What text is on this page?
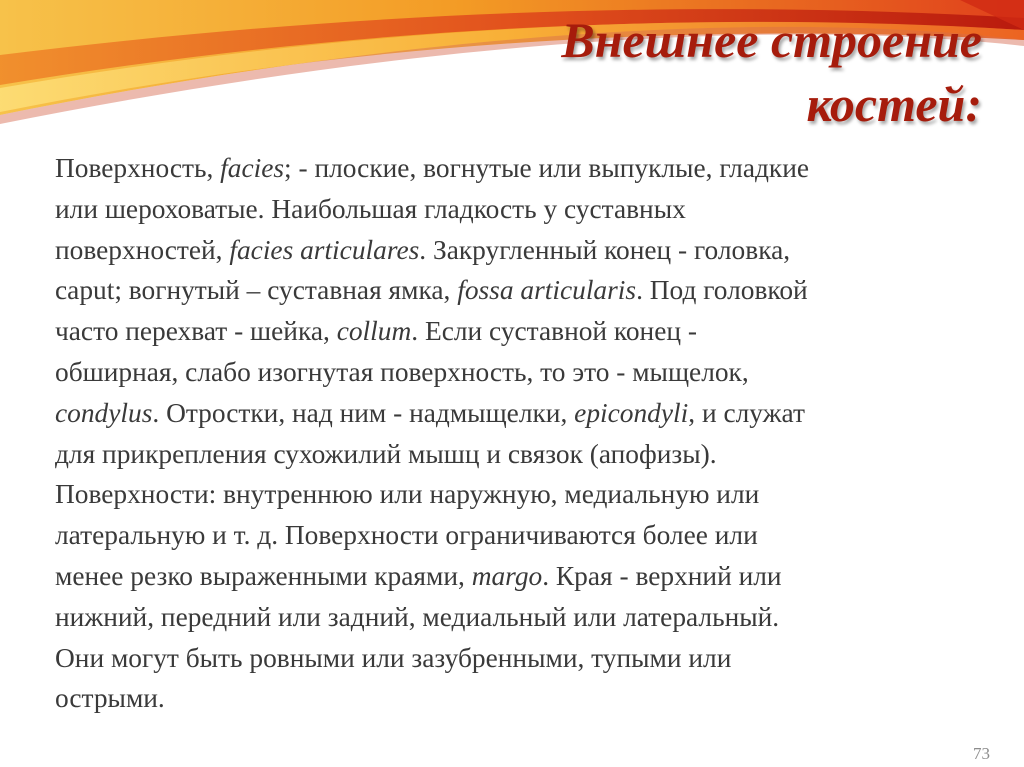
Внешнее строение
костей:
Поверхность, facies; - плоские, вогнутые или выпуклые, гладкие
или шероховатые. Наибольшая гладкость у суставных
поверхностей, facies articulares. Закругленный конец - головка,
caput; вогнутый – суставная ямка, fossa articularis. Под головкой
часто перехват - шейка, collum. Если суставной конец -
обширная, слабо изогнутая поверхность, то это - мыщелок,
condylus. Отростки, над ним - надмыщелки, epicondyli, и служат
для прикрепления сухожилий мышц и связок (апофизы).
Поверхности: внутреннюю или наружную, медиальную или
латеральную и т. д. Поверхности ограничиваются более или
менее резко выраженными краями, margo. Края - верхний или
нижний, передний или задний, медиальный или латеральный.
Они могут быть ровными или зазубренными, тупыми или
острыми.
73
